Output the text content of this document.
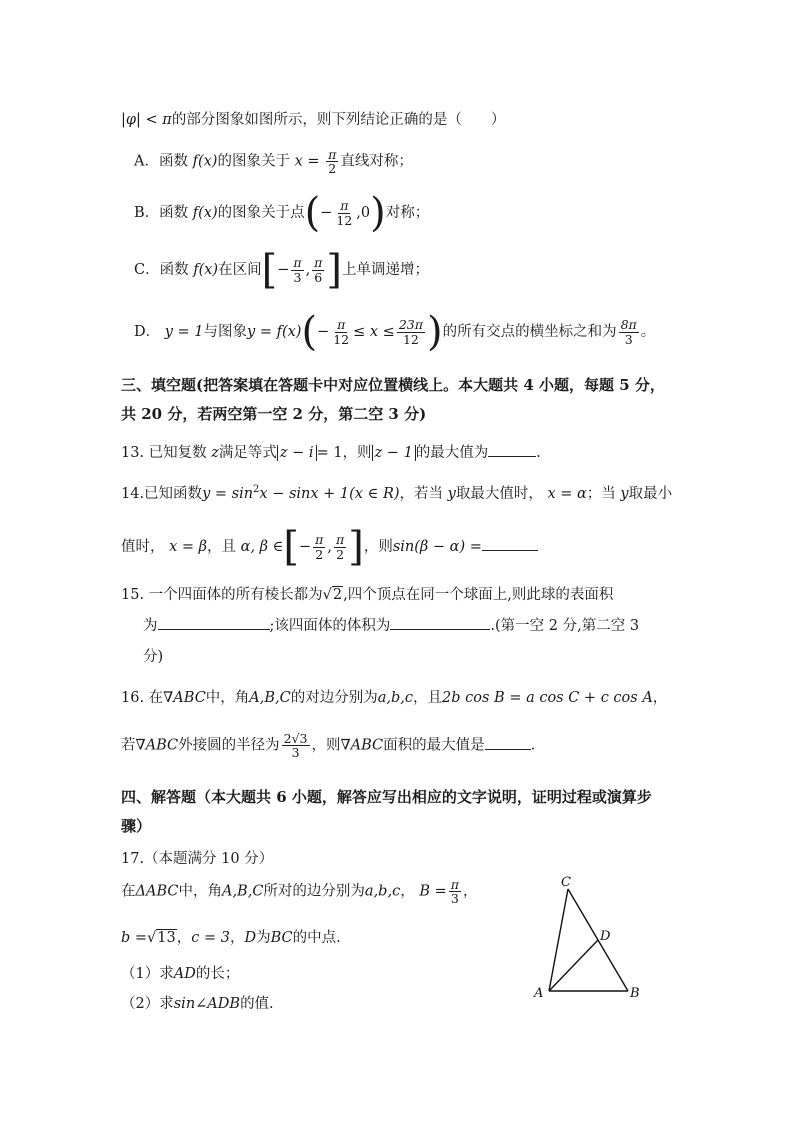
|φ| < π的部分图象如图所示，则下列结论正确的是（　　）
A．函数 f(x)的图象关于 $x = \frac{\pi}{2}$ 直线对称；
B．函数 f(x)的图象关于点(− $\frac{\pi}{12} ,0$)对称；
C．函数 f(x)在区间[− $\frac{\pi}{3}$ , $\frac{\pi}{6}$ ]上单调递增；
D． y = 1与图象$y = f(x)(- \frac{\pi}{12} \le x \le \frac{23\pi}{12}$ )的所有交点的横坐标之和为 $\frac{8\pi}{3}$ 。
三、填空题(把答案填在答题卡中对应位置横线上。本大题共 4 小题，每题 5 分，
共 20 分，若两空第一空 2 分，第二空 3 分)
13. 已知复数 z满足等式 z − i = 1，则 z − 1 的最大值为	.
14.已知函数$y = \sin^2x - \sin x + 1(x$ ∈ R)，若当 y取最大值时， x = α；当 y取最小
值时， x = β，且 α, β ∈[− $\frac{\pi}{2}$ , $\frac{\pi}{2}$ ]，则sin(β − α) =
15. 一个四面体的所有棱长都为√2,四个顶点在同一个球面上,则此球的表面积
为	;该四面体的体积为	.(第一空 2 分,第二空 3
分)
16. 在∇ABC中，角A,B,C的对边分别为a,b,c，且2b cos B = a cos C + c cos A，
若∇ABC外接圆的半径为 $\frac{2√3}{3}$ ，则∇ABC面积的最大值是	.
四、解答题（本大题共 6 小题，解答应写出相应的文字说明，证明过程或演算步
骤）
17.（本题满分 10 分）
在ΔABC中，角A,B,C所对的边分别为a,b,c， $B = \frac{\pi}{3}$ ，
b =√13，c = 3，D为BC的中点.
（1）求AD的长；
（2）求sin∠ADB的值.
C
D
A	B
